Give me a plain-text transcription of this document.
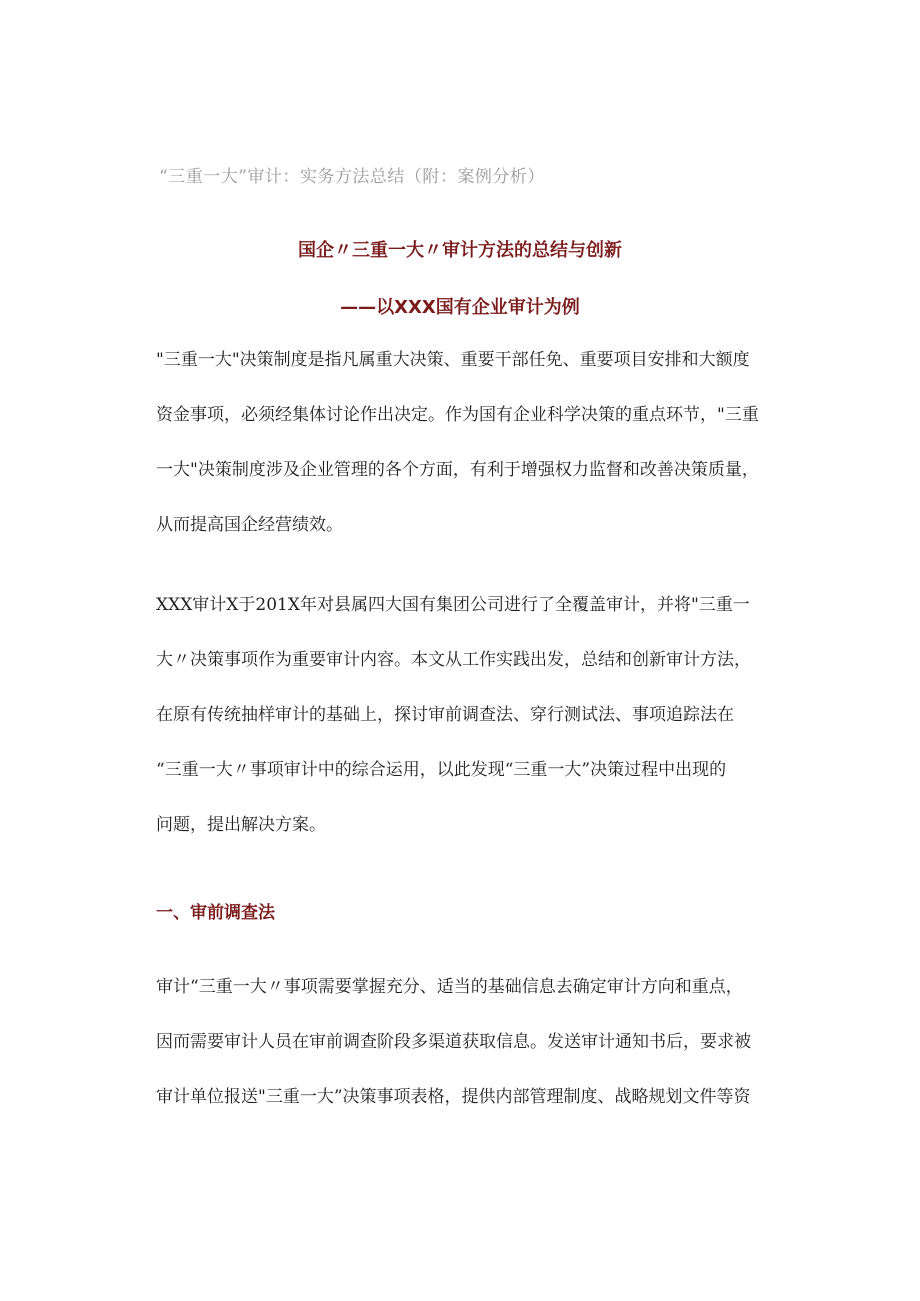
“三重一大”审计：实务方法总结（附：案例分析）
国企〃三重一大〃审计方法的总结与创新
——以XXX国有企业审计为例

"三重一大"决策制度是指凡属重大决策、重要干部任免、重要项目安排和大额度
资金事项，必须经集体讨论作出决定。作为国有企业科学决策的重点环节，"三重
一大"决策制度涉及企业管理的各个方面，有利于增强权力监督和改善决策质量，
从而提高国企经营绩效。

XXX审计X于201X年对县属四大国有集团公司进行了全覆盖审计，并将"三重一
大〃决策事项作为重要审计内容。本文从工作实践出发，总结和创新审计方法，
在原有传统抽样审计的基础上，探讨审前调查法、穿行测试法、事项追踪法在
“三重一大〃事项审计中的综合运用，以此发现“三重一大”决策过程中出现的
问题，提出解决方案。

一、审前调查法

审计“三重一大〃事项需要掌握充分、适当的基础信息去确定审计方向和重点，
因而需要审计人员在审前调查阶段多渠道获取信息。发送审计通知书后，要求被
审计单位报送"三重一大”决策事项表格，提供内部管理制度、战略规划文件等资
